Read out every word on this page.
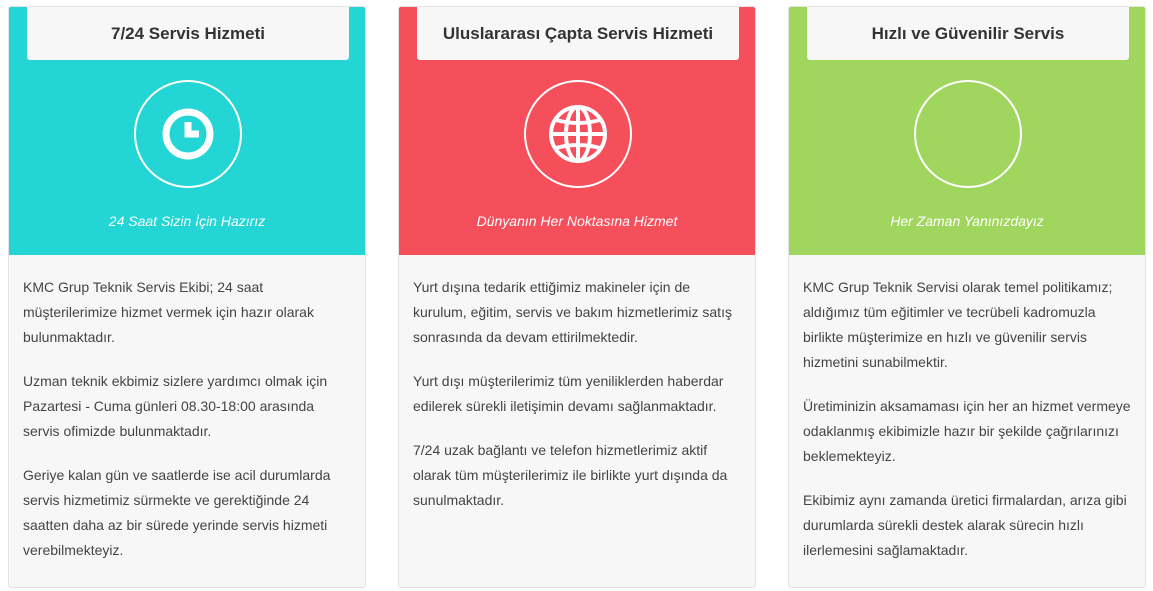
7/24 Servis Hizmeti
24 Saat Sizin İçin Hazırız

KMC Grup Teknik Servis Ekibi; 24 saat müşterilerimize hizmet vermek için hazır olarak bulunmaktadır.

Uzman teknik ekbimiz sizlere yardımcı olmak için Pazartesi - Cuma günleri 08.30-18:00 arasında servis ofimizde bulunmaktadır.

Geriye kalan gün ve saatlerde ise acil durumlarda servis hizmetimiz sürmekte ve gerektiğinde 24 saatten daha az bir sürede yerinde servis hizmeti verebilmekteyiz.

Uluslararası Çapta Servis Hizmeti
Dünyanın Her Noktasına Hizmet

Yurt dışına tedarik ettiğimiz makineler için de kurulum, eğitim, servis ve bakım hizmetlerimiz satış sonrasında da devam ettirilmektedir.

Yurt dışı müşterilerimiz tüm yeniliklerden haberdar edilerek sürekli iletişimin devamı sağlanmaktadır.

7/24 uzak bağlantı ve telefon hizmetlerimiz aktif olarak tüm müşterilerimiz ile birlikte yurt dışında da sunulmaktadır.

Hızlı ve Güvenilir Servis
Her Zaman Yanınızdayız

KMC Grup Teknik Servisi olarak temel politikamız; aldığımız tüm eğitimler ve tecrübeli kadromuzla birlikte müşterimize en hızlı ve güvenilir servis hizmetini sunabilmektir.

Üretiminizin aksamaması için her an hizmet vermeye odaklanmış ekibimizle hazır bir şekilde çağrılarınızı beklemekteyiz.

Ekibimiz aynı zamanda üretici firmalardan, arıza gibi durumlarda sürekli destek alarak sürecin hızlı ilerlemesini sağlamaktadır.
